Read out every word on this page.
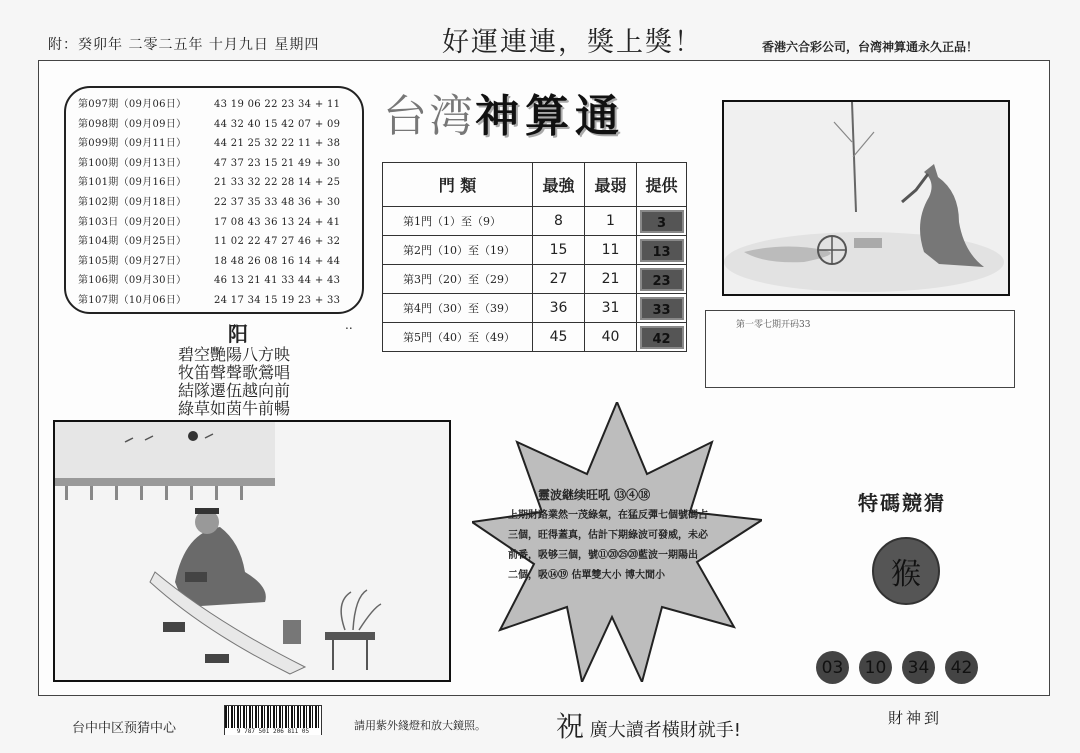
附：癸卯年 二零二五年 十月九日 星期四	好運連連，獎上獎！	香港六合彩公司，台湾神算通永久正品！
第097期（09月06日）	43 19 06 22 23 34 + 11
第098期（09月09日）	44 32 40 15 42 07 + 09
第099期（09月11日）	44 21 25 32 22 11 + 38
第100期（09月13日）	47 37 23 15 21 49 + 30
第101期（09月16日）	21 33 32 22 28 14 + 25
第102期（09月18日）	22 37 35 33 48 36 + 30
第103日（09月20日）	17 08 43 36 13 24 + 41
第104期（09月25日）	11 02 22 47 27 46 + 32
第105期（09月27日）	18 48 26 08 16 14 + 44
第106期（09月30日）	46 13 21 41 33 44 + 43
第107期（10月06日）	24 17 34 15 19 23 + 33
台湾神算通
門 類	最強	最弱	提供
第1門（1）至（9）	8	1	3
第2門（10）至（19）	15	11	13
第3門（20）至（29）	27	21	23
第4門（30）至（39）	36	31	33
第5門（40）至（49）	45	40	42
第一零七期开码33
阳	..
碧空艷陽八方映
牧笛聲聲歌鶯唱
結隊遷伍越向前
綠草如茵牛前暢
靈波継续旺吼 ⑬④⑱
上期財路業然一茂綠氣，在猛反彈七個號碼占
三個，旺得蓋真，估計下期綠波可發威，未必
前番，吸够三個，號⑪⑳㉕⑳藍波一期陽出
二個，吸⑭⑲ 估單雙大小 博大閒小
特碼競猜
猴
03	10	34	42
台中中区预猜中心	9 787 501 206 811 05	請用紫外綫燈和放大鏡照。	祝 廣大讀者橫財就手!
財神到
